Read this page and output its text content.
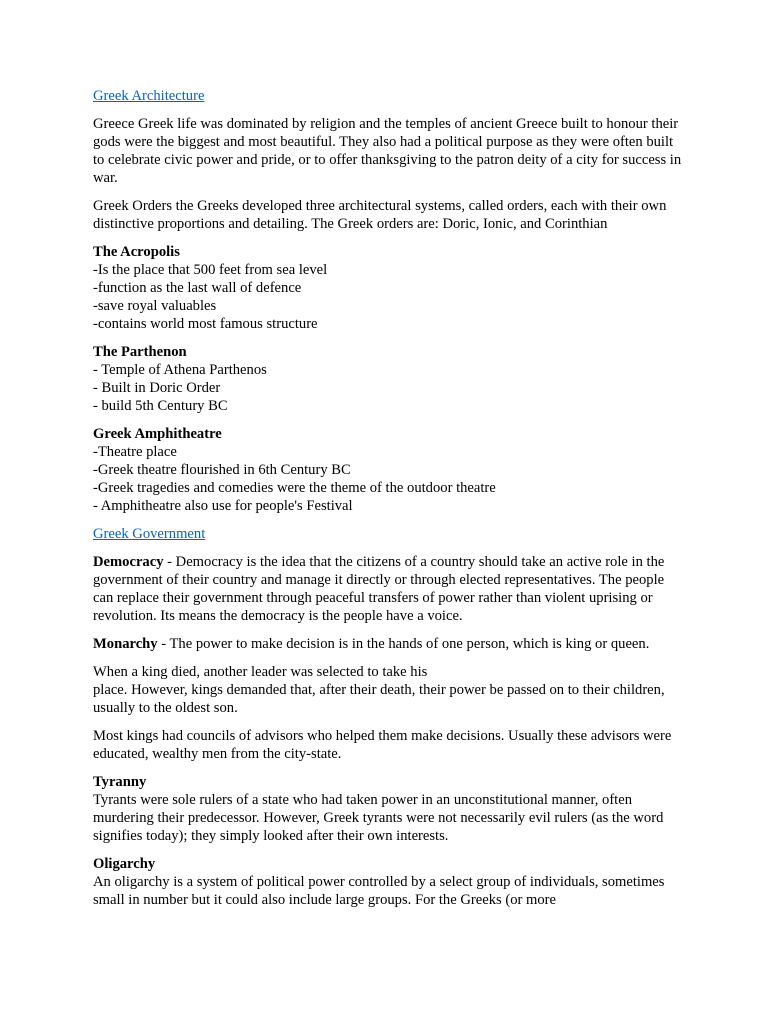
Greek Architecture

Greece Greek life was dominated by religion and the temples of ancient Greece built to honour their gods were the biggest and most beautiful. They also had a political purpose as they were often built to celebrate civic power and pride, or to offer thanksgiving to the patron deity of a city for success in war.

Greek Orders the Greeks developed three architectural systems, called orders, each with their own distinctive proportions and detailing. The Greek orders are: Doric, Ionic, and Corinthian

The Acropolis
-Is the place that 500 feet from sea level
-function as the last wall of defence
-save royal valuables
-contains world most famous structure

The Parthenon
- Temple of Athena Parthenos
- Built in Doric Order
- build 5th Century BC

Greek Amphitheatre
-Theatre place
-Greek theatre flourished in 6th Century BC
-Greek tragedies and comedies were the theme of the outdoor theatre
- Amphitheatre also use for people's Festival

Greek Government

Democracy - Democracy is the idea that the citizens of a country should take an active role in the government of their country and manage it directly or through elected representatives. The people can replace their government through peaceful transfers of power rather than violent uprising or revolution. Its means the democracy is the people have a voice.

Monarchy - The power to make decision is in the hands of one person, which is king or queen.

When a king died, another leader was selected to take his
place. However, kings demanded that, after their death, their power be passed on to their children, usually to the oldest son.

Most kings had councils of advisors who helped them make decisions. Usually these advisors were educated, wealthy men from the city-state.

Tyranny
Tyrants were sole rulers of a state who had taken power in an unconstitutional manner, often murdering their predecessor. However, Greek tyrants were not necessarily evil rulers (as the word signifies today); they simply looked after their own interests.

Oligarchy
An oligarchy is a system of political power controlled by a select group of individuals, sometimes small in number but it could also include large groups. For the Greeks (or more
